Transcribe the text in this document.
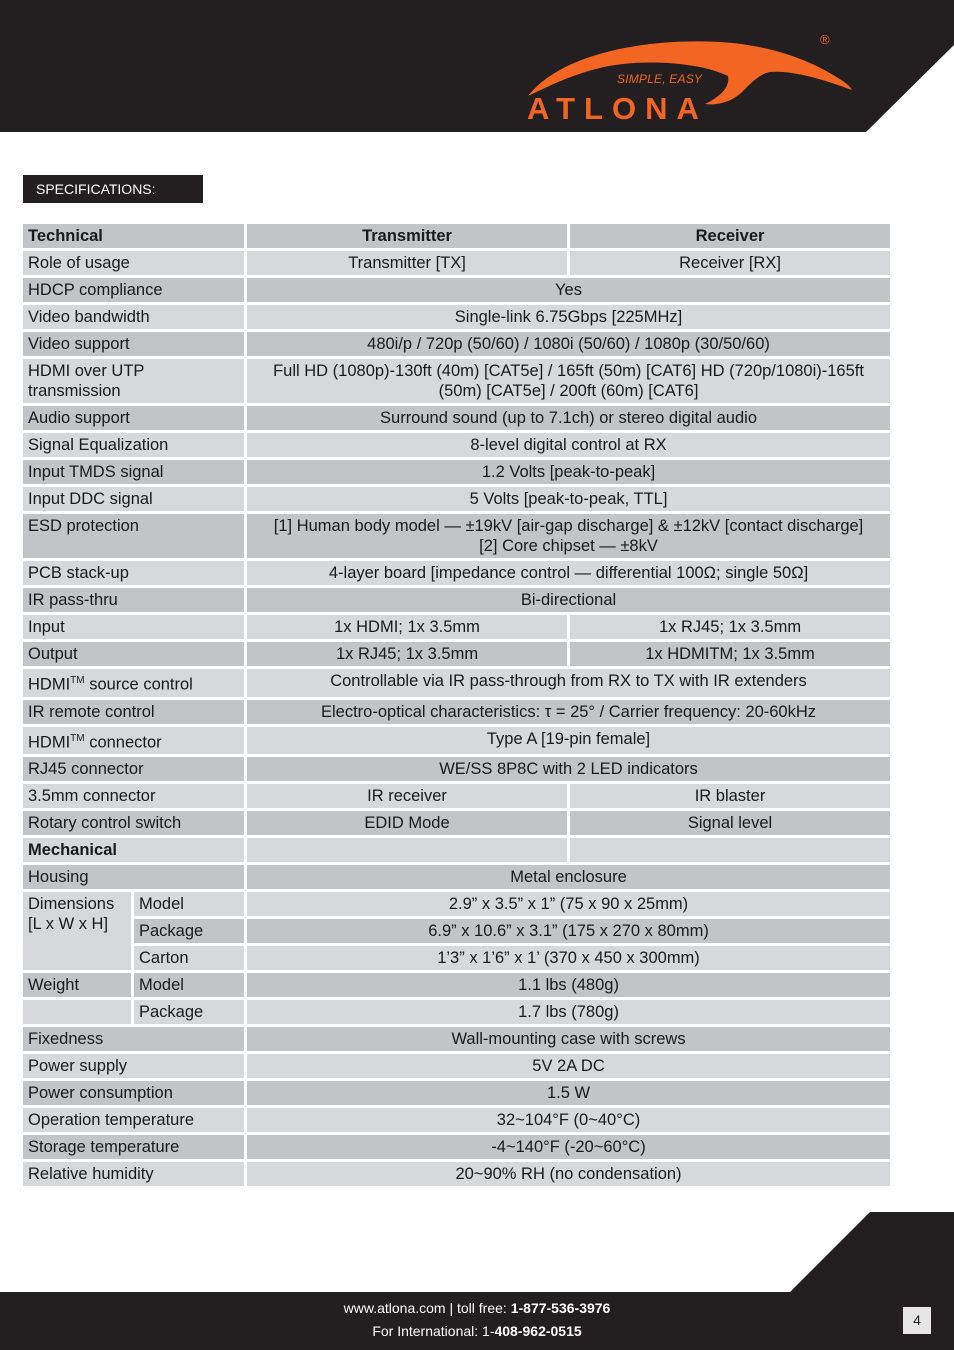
®
SIMPLE, EASY
ATLONA
SPECIFICATIONS:
Technical		Transmitter	Receiver
Role of usage		Transmitter [TX]	Receiver [RX]
HDCP compliance		Yes	
Video bandwidth		Single-link 6.75Gbps [225MHz]	
Video support		480i/p / 720p (50/60) / 1080i (50/60) / 1080p (30/50/60)	
HDMI over UTP transmission		Full HD (1080p)-130ft (40m) [CAT5e] / 165ft (50m) [CAT6] HD (720p/1080i)-165ft (50m) [CAT5e] / 200ft (60m) [CAT6]	
Audio support		Surround sound (up to 7.1ch) or stereo digital audio	
Signal Equalization		8-level digital control at RX	
Input TMDS signal		1.2 Volts [peak-to-peak]	
Input DDC signal		5 Volts [peak-to-peak, TTL]	
ESD protection		[1] Human body model — ±19kV [air-gap discharge] & ±12kV [contact discharge]
[2] Core chipset — ±8kV	

PCB stack-up		4-layer board [impedance control — differential 100Ω; single 50Ω]	
IR pass-thru		Bi-directional	
Input		1x HDMI; 1x 3.5mm	1x RJ45; 1x 3.5mm
Output		1x RJ45; 1x 3.5mm	1x HDMITM; 1x 3.5mm
HDMI™ source control		Controllable via IR pass-through from RX to TX with IR extenders	
IR remote control		Electro-optical characteristics: τ = 25° / Carrier frequency: 20-60kHz	
HDMI™ connector		Type A [19-pin female]	
RJ45 connector		WE/SS 8P8C with 2 LED indicators	
3.5mm connector		IR receiver	IR blaster
Rotary control switch		EDID Mode	Signal level
Mechanical			
Housing		Metal enclosure	
Dimensions [L x W x H]	Model	2.9” x 3.5” x 1” (75 x 90 x 25mm)	
	Package	6.9” x 10.6” x 3.1” (175 x 270 x 80mm)	
	Carton	1’3” x 1’6” x 1’ (370 x 450 x 300mm)	
Weight	Model	1.1 lbs (480g)	
	Package	1.7 lbs (780g)	
Fixedness		Wall-mounting case with screws	
Power supply		5V 2A DC	
Power consumption		1.5 W	
Operation temperature		32~104°F (0~40°C)	
Storage temperature		-4~140°F (-20~60°C)	
Relative humidity		20~90% RH (no condensation)	
www.atlona.com | toll free: 1-877-536-3976
For International: 1-408-962-0515
4
